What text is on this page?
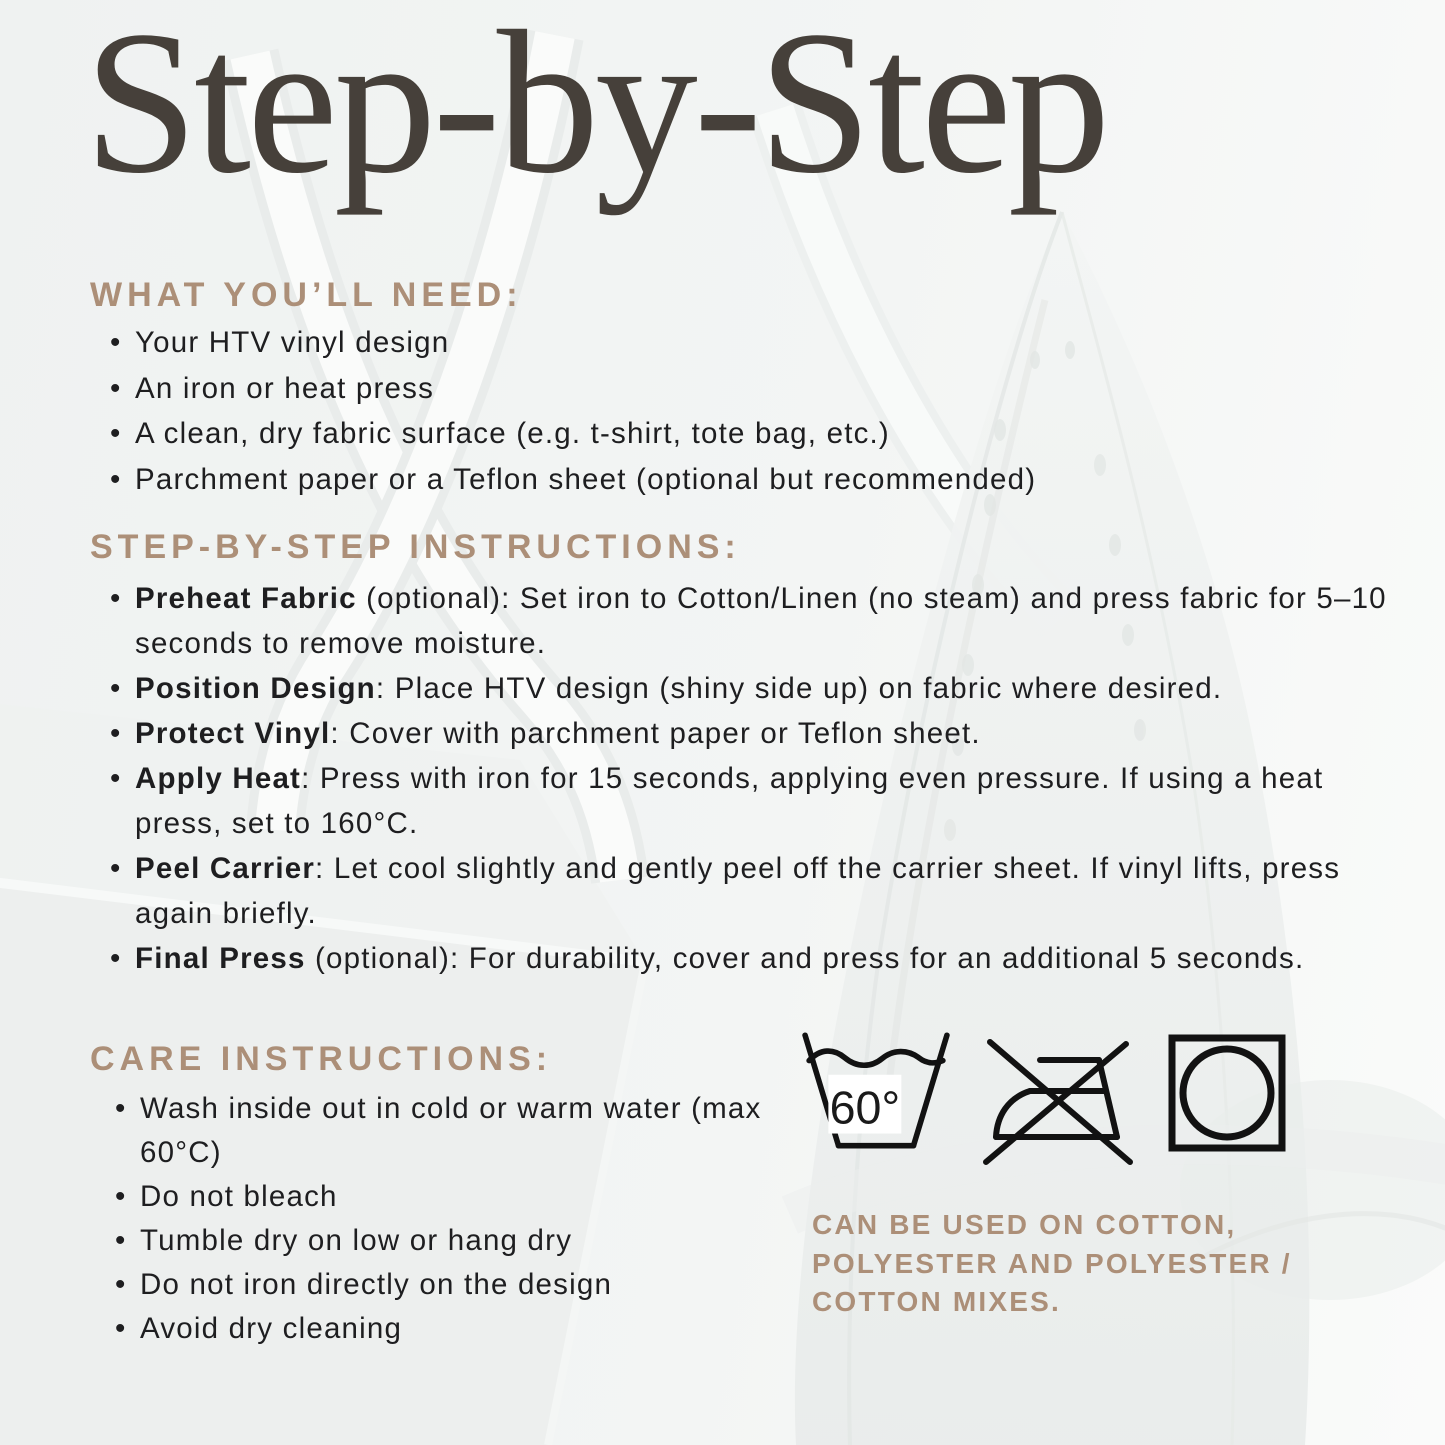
Step-by-Step
WHAT YOU’LL NEED:
• Your HTV vinyl design
• An iron or heat press
• A clean, dry fabric surface (e.g. t-shirt, tote bag, etc.)
• Parchment paper or a Teflon sheet (optional but recommended)
STEP-BY-STEP INSTRUCTIONS:
• Preheat Fabric (optional): Set iron to Cotton/Linen (no steam) and press fabric for 5–10 seconds to remove moisture.
• Position Design: Place HTV design (shiny side up) on fabric where desired.
• Protect Vinyl: Cover with parchment paper or Teflon sheet.
• Apply Heat: Press with iron for 15 seconds, applying even pressure. If using a heat press, set to 160°C.
• Peel Carrier: Let cool slightly and gently peel off the carrier sheet. If vinyl lifts, press again briefly.
• Final Press (optional): For durability, cover and press for an additional 5 seconds.
CARE INSTRUCTIONS:
• Wash inside out in cold or warm water (max 60°C)
• Do not bleach
• Tumble dry on low or hang dry
• Do not iron directly on the design
• Avoid dry cleaning
60°

CAN BE USED ON COTTON, POLYESTER AND POLYESTER / COTTON MIXES.
